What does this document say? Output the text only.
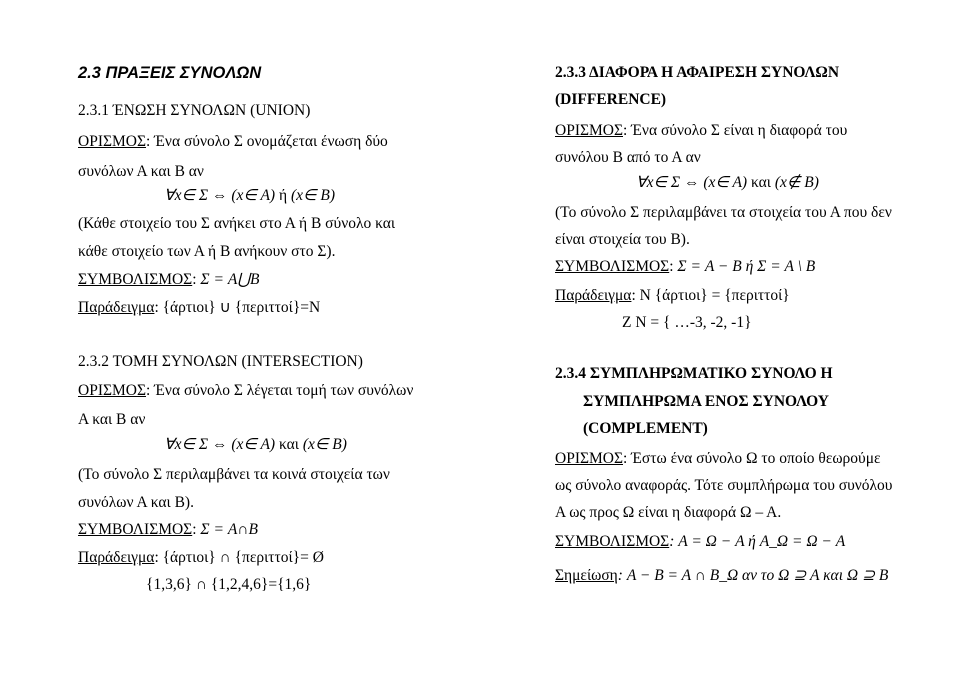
2.3 ΠΡΑΞΕΙΣ ΣΥΝΟΛΩΝ
2.3.1 ΈΝΩΣΗ ΣΥΝΟΛΩΝ (UNION)
ΟΡΙΣΜΟΣ: Ένα σύνολο Σ ονομάζεται ένωση δύο
συνόλων Α και Β αν
∀x∈ Σ ⇔ (x∈ A) ή (x∈ B)
(Κάθε στοιχείο του Σ ανήκει στο Α ή Β σύνολο και
κάθε στοιχείο των Α ή Β ανήκουν στο Σ).
ΣΥΜΒΟΛΙΣΜΟΣ: Σ = A⋃B
Παράδειγμα: {άρτιοι} ∪ {περιττοί}=Ν
2.3.2 ΤΟΜΗ ΣΥΝΟΛΩΝ (INTERSECTION)
ΟΡΙΣΜΟΣ: Ένα σύνολο Σ λέγεται τομή των συνόλων
Α και Β αν
∀x∈ Σ ⇔ (x∈ A) και (x∈ B)
(Το σύνολο Σ περιλαμβάνει τα κοινά στοιχεία των
συνόλων Α και Β).
ΣΥΜΒΟΛΙΣΜΟΣ: Σ = A∩B
Παράδειγμα: {άρτιοι} ∩ {περιττοί}= Ø
{1,3,6} ∩ {1,2,4,6}={1,6}
2.3.3 ΔΙΑΦΟΡΑ Η ΑΦΑΙΡΕΣΗ ΣΥΝΟΛΩΝ
(DIFFERENCE)
ΟΡΙΣΜΟΣ: Ένα σύνολο Σ είναι η διαφορά του
συνόλου Β από το Α αν
∀x∈ Σ ⇔ (x∈ A) και (x∉ B)
(Το σύνολο Σ περιλαμβάνει τα στοιχεία του Α που δεν
είναι στοιχεία του Β).
ΣΥΜΒΟΛΙΣΜΟΣ: Σ = A − B ή Σ = A \ B
Παράδειγμα: Ν {άρτιοι} = {περιττοί}
Ζ Ν = { …-3, -2, -1}
2.3.4 ΣΥΜΠΛΗΡΩΜΑΤΙΚΟ ΣΥΝΟΛΟ Η
ΣΥΜΠΛΗΡΩΜΑ ΕΝΟΣ ΣΥΝΟΛΟΥ
(COMPLEMENT)
ΟΡΙΣΜΟΣ: Έστω ένα σύνολο Ω το οποίο θεωρούμε
ως σύνολο αναφοράς. Τότε συμπλήρωμα του συνόλου
Α ως προς Ω είναι η διαφορά Ω – Α.
ΣΥΜΒΟΛΙΣΜΟΣ: A = Ω − A ή A_Ω = Ω − A
Σημείωση: A − B = A ∩ B_Ω αν το Ω ⊇ A και Ω ⊇ B
